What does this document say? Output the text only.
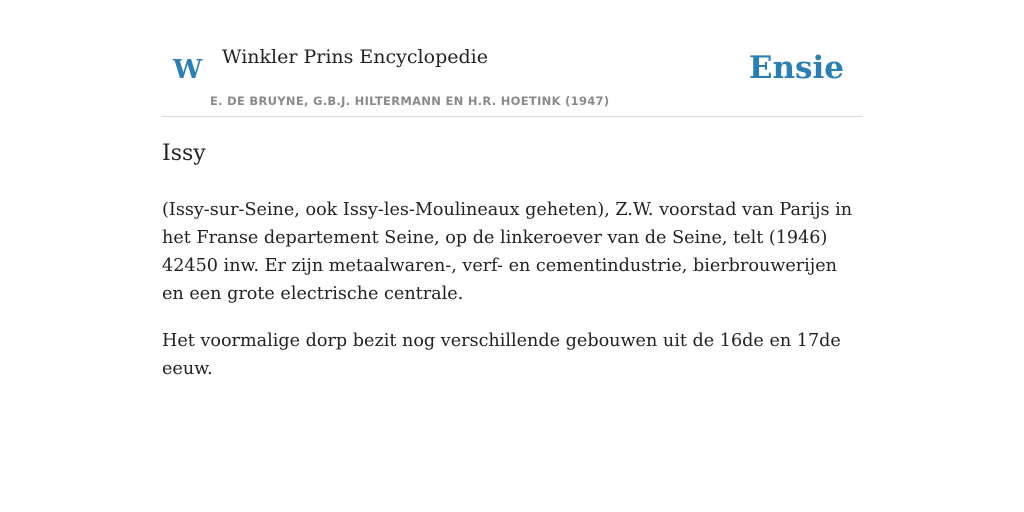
W Winkler Prins Encyclopedie
E. DE BRUYNE, G.B.J. HILTERMANN EN H.R. HOETINK (1947)
Ensie
Issy

(Issy-sur-Seine, ook Issy-les-Moulineaux geheten), Z.W. voorstad van Parijs in het Franse departement Seine, op de linkeroever van de Seine, telt (1946) 42450 inw. Er zijn metaalwaren-, verf- en cementindustrie, bierbrouwerijen en een grote electrische centrale.

Het voormalige dorp bezit nog verschillende gebouwen uit de 16de en 17de eeuw.
